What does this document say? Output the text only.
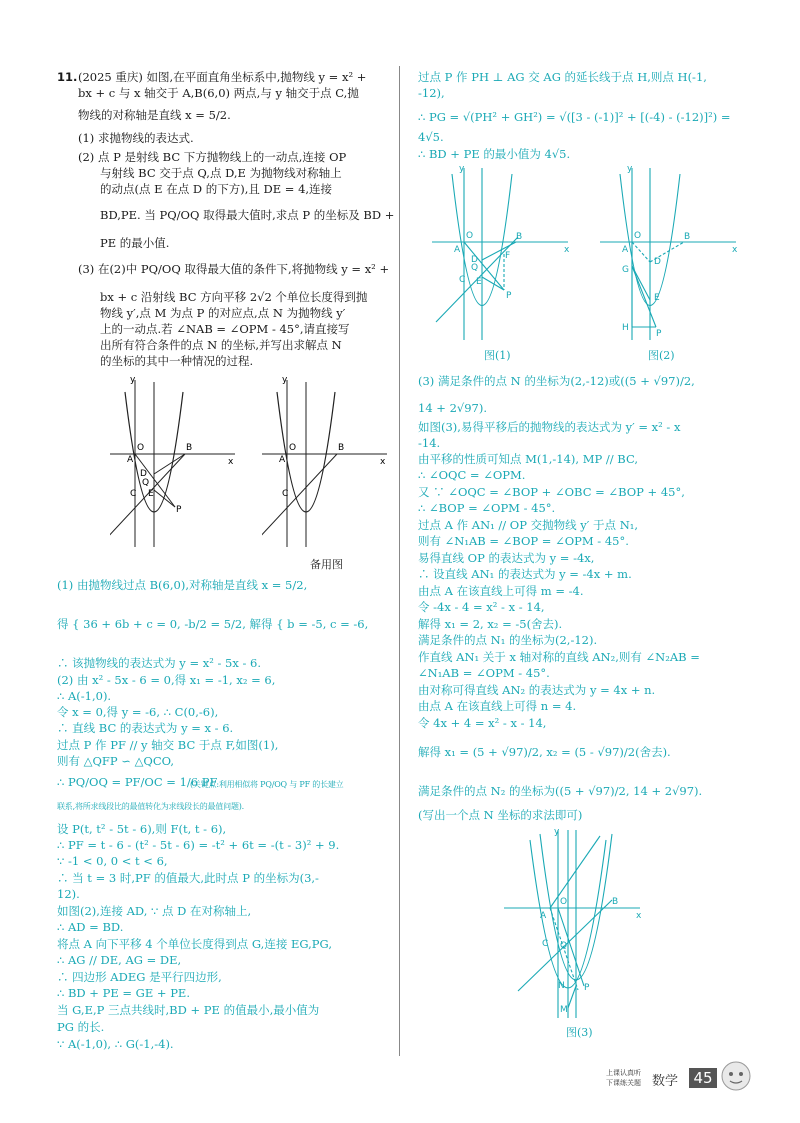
11. (2025 重庆) 如图,在平面直角坐标系中,抛物线 y = x² +
bx + c 与 x 轴交于 A,B(6,0) 两点,与 y 轴交于点 C,抛
物线的对称轴是直线 x = 5/2.
(1) 求抛物线的表达式.
(2) 点 P 是射线 BC 下方抛物线上的一动点,连接 OP
与射线 BC 交于点 Q,点 D,E 为抛物线对称轴上
的动点(点 E 在点 D 的下方),且 DE = 4,连接
BD,PE. 当 PQ/OQ 取得最大值时,求点 P 的坐标及 BD +
PE 的最小值.
(3) 在(2)中 PQ/OQ 取得最大值的条件下,将抛物线 y = x² +
bx + c 沿射线 BC 方向平移 2√2 个单位长度得到抛
物线 y′,点 M 为点 P 的对应点,点 N 为抛物线 y′
上的一动点.若 ∠NAB = ∠OPM - 45°,请直接写
出所有符合条件的点 N 的坐标,并写出求解点 N
的坐标的其中一种情况的过程.
y
x
O	B
A
D
Q
C E
P
y
x
O	B
A
C
备用图
(1) 由抛物线过点 B(6,0),对称轴是直线 x = 5/2,
得 { 36 + 6b + c = 0, -b/2 = 5/2, 解得 { b = -5, c = -6,
∴ 该抛物线的表达式为 y = x² - 5x - 6.
(2) 由 x² - 5x - 6 = 0,得 x₁ = -1, x₂ = 6,
∴ A(-1,0).
令 x = 0,得 y = -6, ∴ C(0,-6),
∴ 直线 BC 的表达式为 y = x - 6.
过点 P 作 PF // y 轴交 BC 于点 F,如图(1),
则有 △QFP ∽ △QCO,
∴ PQ/OQ = PF/OC = 1/6 PF
(关键点:利用相似将 PQ/OQ 与 PF 的长建立
联系,将所求线段比的最值转化为求线段长的最值问题).
设 P(t, t² - 5t - 6),则 F(t, t - 6),
∴ PF = t - 6 - (t² - 5t - 6) = -t² + 6t = -(t - 3)² + 9.
∵ -1 < 0, 0 < t < 6,
∴ 当 t = 3 时,PF 的值最大,此时点 P 的坐标为(3,-
12).
如图(2),连接 AD, ∵ 点 D 在对称轴上,
∴ AD = BD.
将点 A 向下平移 4 个单位长度得到点 G,连接 EG,PG,
∴ AG // DE, AG = DE,
∴ 四边形 ADEG 是平行四边形,
∴ BD + PE = GE + PE.
当 G,E,P 三点共线时,BD + PE 的值最小,最小值为
PG 的长.
∵ A(-1,0), ∴ G(-1,-4).
过点 P 作 PH ⊥ AG 交 AG 的延长线于点 H,则点 H(-1,
-12),
∴ PG = √(PH² + GH²) = √([3 - (-1)]² + [(-4) - (-12)]²) =
4√5.
∴ BD + PE 的最小值为 4√5.
y
x
O	B
A
D
Q
F
C E
P
y
x
O	B
A
D
G
E
H
P
图(1)	图(2)
(3) 满足条件的点 N 的坐标为(2,-12)或((5 + √97)/2,
14 + 2√97).
如图(3),易得平移后的抛物线的表达式为 y′ = x² - x
-14.
由平移的性质可知点 M(1,-14), MP // BC,
∴ ∠OQC = ∠OPM.
又 ∵ ∠OQC = ∠BOP + ∠OBC = ∠BOP + 45°,
∴ ∠BOP = ∠OPM - 45°.
过点 A 作 AN₁ // OP 交抛物线 y′ 于点 N₁,
则有 ∠N₁AB = ∠BOP = ∠OPM - 45°.
易得直线 OP 的表达式为 y = -4x,
∴ 设直线 AN₁ 的表达式为 y = -4x + m.
由点 A 在该直线上可得 m = -4.
令 -4x - 4 = x² - x - 14,
解得 x₁ = 2, x₂ = -5(舍去).
满足条件的点 N₁ 的坐标为(2,-12).
作直线 AN₁ 关于 x 轴对称的直线 AN₂,则有 ∠N₂AB =
∠N₁AB = ∠OPM - 45°.
由对称可得直线 AN₂ 的表达式为 y = 4x + n.
由点 A 在该直线上可得 n = 4.
令 4x + 4 = x² - x - 14,
解得 x₁ = (5 + √97)/2, x₂ = (5 - √97)/2(舍去).
满足条件的点 N₂ 的坐标为((5 + √97)/2, 14 + 2√97).
(写出一个点 N 坐标的求法即可)
y
x
O	B
A
C Q
N P
M
图(3)
上课认真听
下课练关题 数学 45
